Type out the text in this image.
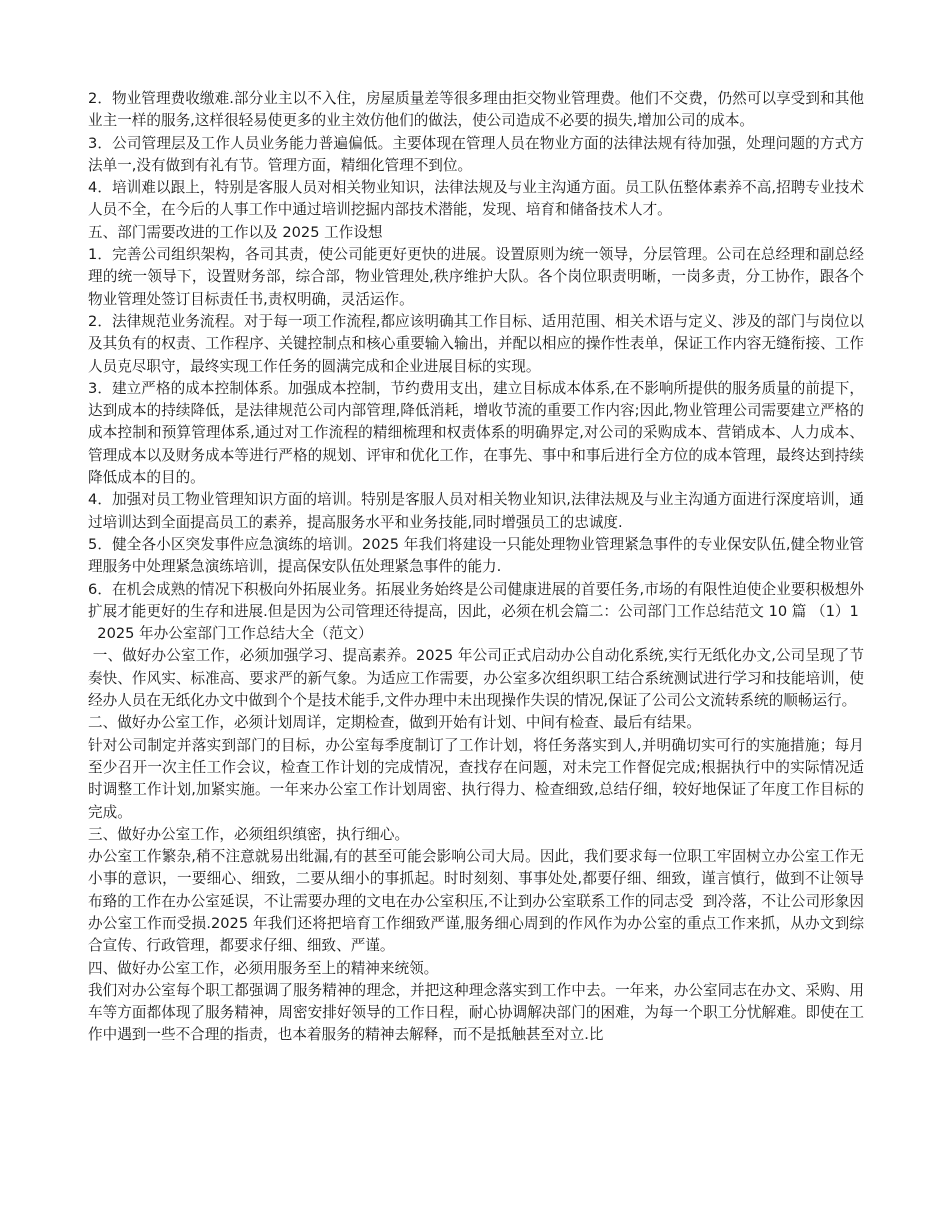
2．物业管理费收缴难.部分业主以不入住，房屋质量差等很多理由拒交物业管理费。他们不交费，仍然可以享受到和其他业主一样的服务,这样很轻易使更多的业主效仿他们的做法，使公司造成不必要的损失,增加公司的成本。

3．公司管理层及工作人员业务能力普遍偏低。主要体现在管理人员在物业方面的法律法规有待加强，处理问题的方式方法单一,没有做到有礼有节。管理方面，精细化管理不到位。

4．培训难以跟上，特别是客服人员对相关物业知识，法律法规及与业主沟通方面。员工队伍整体素养不高,招聘专业技术人员不全，在今后的人事工作中通过培训挖掘内部技术潜能，发现、培育和储备技术人才。

五、部门需要改进的工作以及 2025 工作设想

1．完善公司组织架构，各司其责，使公司能更好更快的进展。设置原则为统一领导，分层管理。公司在总经理和副总经理的统一领导下，设置财务部，综合部，物业管理处,秩序维护大队。各个岗位职责明晰，一岗多责，分工协作，跟各个物业管理处签订目标责任书,责权明确，灵活运作。

2．法律规范业务流程。对于每一项工作流程,都应该明确其工作目标、适用范围、相关术语与定义、涉及的部门与岗位以及其负有的权责、工作程序、关键控制点和核心重要输入输出，并配以相应的操作性表单，保证工作内容无缝衔接、工作人员克尽职守，最终实现工作任务的圆满完成和企业进展目标的实现。

3．建立严格的成本控制体系。加强成本控制，节约费用支出，建立目标成本体系,在不影响所提供的服务质量的前提下，达到成本的持续降低，是法律规范公司内部管理,降低消耗，增收节流的重要工作内容;因此,物业管理公司需要建立严格的成本控制和预算管理体系,通过对工作流程的精细梳理和权责体系的明确界定,对公司的采购成本、营销成本、人力成本、管理成本以及财务成本等进行严格的规划、评审和优化工作，在事先、事中和事后进行全方位的成本管理，最终达到持续降低成本的目的。

4．加强对员工物业管理知识方面的培训。特别是客服人员对相关物业知识,法律法规及与业主沟通方面进行深度培训，通过培训达到全面提高员工的素养，提高服务水平和业务技能,同时增强员工的忠诚度.

5．健全各小区突发事件应急演练的培训。2025 年我们将建设一只能处理物业管理紧急事件的专业保安队伍,健全物业管理服务中处理紧急演练培训，提高保安队伍处理紧急事件的能力.

6．在机会成熟的情况下积极向外拓展业务。拓展业务始终是公司健康进展的首要任务,市场的有限性迫使企业要积极想外扩展才能更好的生存和进展.但是因为公司管理还待提高，因此，必须在机会篇二：公司部门工作总结范文 10 篇 （1）1

2025 年办公室部门工作总结大全（范文）

一、做好办公室工作，必须加强学习、提高素养。2025 年公司正式启动办公自动化系统,实行无纸化办文,公司呈现了节奏快、作风实、标准高、要求严的新气象。为适应工作需要，办公室多次组织职工结合系统测试进行学习和技能培训，使经办人员在无纸化办文中做到个个是技术能手,文件办理中未出现操作失误的情况,保证了公司公文流转系统的顺畅运行。

二、做好办公室工作，必须计划周详，定期检查，做到开始有计划、中间有检查、最后有结果。

针对公司制定并落实到部门的目标，办公室每季度制订了工作计划，将任务落实到人,并明确切实可行的实施措施；每月至少召开一次主任工作会议，检查工作计划的完成情况，查找存在问题，对未完工作督促完成;根据执行中的实际情况适时调整工作计划,加紧实施。一年来办公室工作计划周密、执行得力、检查细致,总结仔细，较好地保证了年度工作目标的完成。

三、做好办公室工作，必须组织缜密，执行细心。

办公室工作繁杂,稍不注意就易出纰漏,有的甚至可能会影响公司大局。因此，我们要求每一位职工牢固树立办公室工作无小事的意识，一要细心、细致，二要从细小的事抓起。时时刻刻、事事处处,都要仔细、细致，谨言慎行，做到不让领导布臵的工作在办公室延误，不让需要办理的文电在办公室积压,不让到办公室联系工作的同志受  到冷落，不让公司形象因办公室工作而受损.2025 年我们还将把培育工作细致严谨,服务细心周到的作风作为办公室的重点工作来抓，从办文到综合宣传、行政管理，都要求仔细、细致、严谨。

四、做好办公室工作，必须用服务至上的精神来统领。

我们对办公室每个职工都强调了服务精神的理念，并把这种理念落实到工作中去。一年来，办公室同志在办文、采购、用车等方面都体现了服务精神，周密安排好领导的工作日程，耐心协调解决部门的困难，为每一个职工分忧解难。即使在工作中遇到一些不合理的指责，也本着服务的精神去解释，而不是抵触甚至对立.比
